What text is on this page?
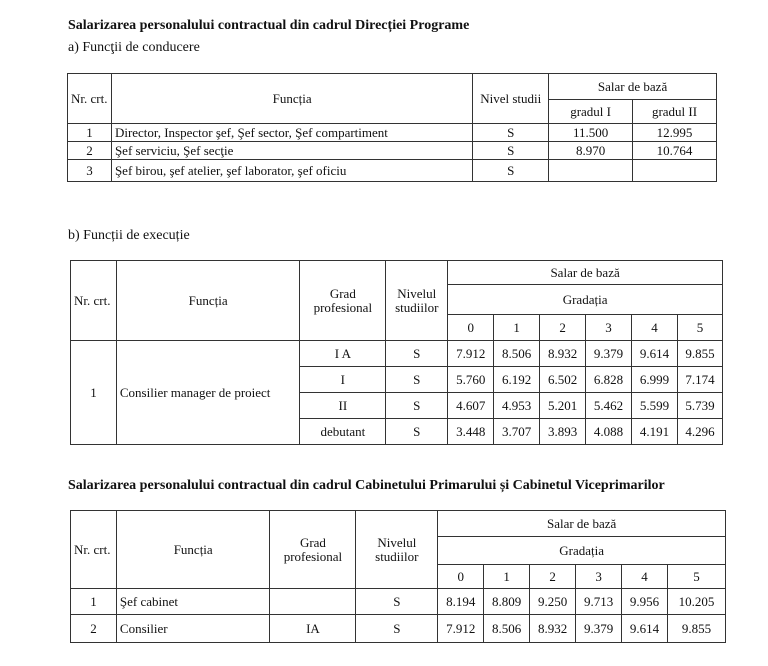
Salarizarea personalului contractual din cadrul Direcției Programe
a) Funcţii de conducere
Nr. crt.	Funcția	Nivel studii	Salar de bază	
			gradul I	gradul II
1	Director, Inspector şef, Şef sector, Şef compartiment	S	11.500	12.995
2	Şef serviciu, Şef secţie	S	8.970	10.764
3	Şef birou, şef atelier, şef laborator, şef oficiu	S		
b) Funcții de execuție
Nr. crt.	Funcția	Grad profesional	Nivelul studiilor	Salar de bază					
				Gradația					
				0	1	2	3	4	5
1	Consilier manager de proiect	I A	S	7.912	8.506	8.932	9.379	9.614	9.855
		I	S	5.760	6.192	6.502	6.828	6.999	7.174
		II	S	4.607	4.953	5.201	5.462	5.599	5.739
		debutant	S	3.448	3.707	3.893	4.088	4.191	4.296
Salarizarea personalului contractual din cadrul Cabinetului Primarului și Cabinetul Viceprimarilor
Nr. crt.	Funcția	Grad profesional	Nivelul studiilor	Salar de bază					
				Gradația					
				0	1	2	3	4	5
1	Şef cabinet		S	8.194	8.809	9.250	9.713	9.956	10.205
2	Consilier	IA	S	7.912	8.506	8.932	9.379	9.614	9.855
